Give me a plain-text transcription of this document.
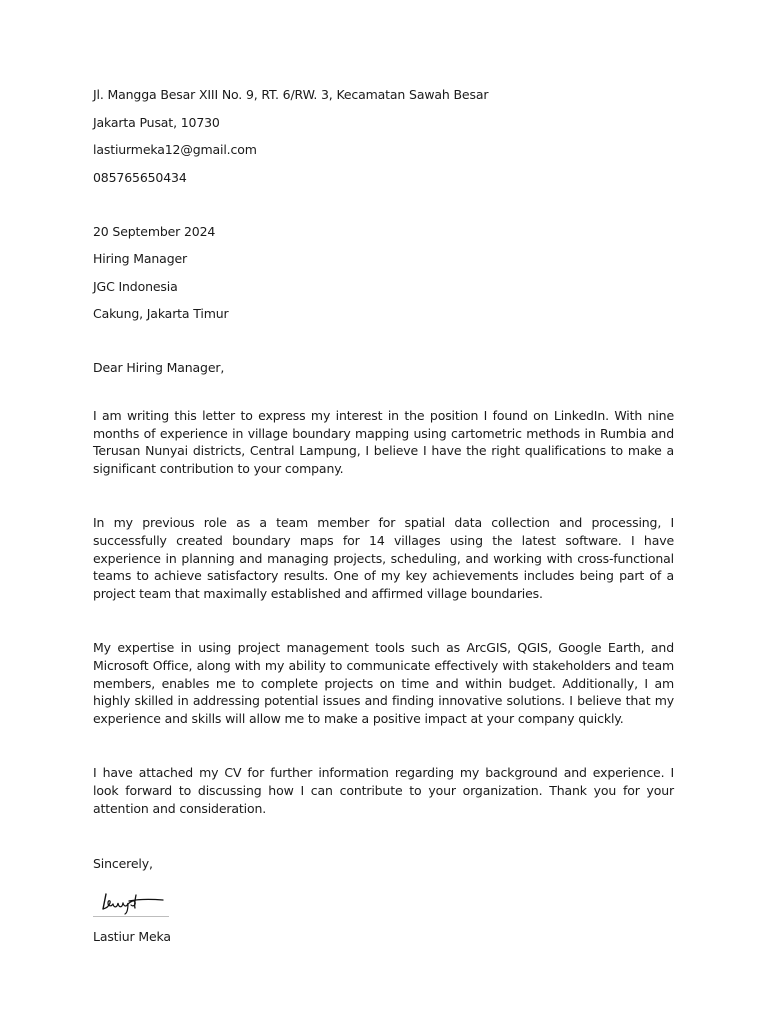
Jl. Mangga Besar XIII No. 9, RT. 6/RW. 3, Kecamatan Sawah Besar
Jakarta Pusat, 10730
lastiurmeka12@gmail.com
085765650434
20 September 2024
Hiring Manager
JGC Indonesia
Cakung, Jakarta Timur
Dear Hiring Manager,
I am writing this letter to express my interest in the position I found on LinkedIn. With nine months of experience in village boundary mapping using cartometric methods in Rumbia and Terusan Nunyai districts, Central Lampung, I believe I have the right qualifications to make a significant contribution to your company.
In my previous role as a team member for spatial data collection and processing, I successfully created boundary maps for 14 villages using the latest software. I have experience in planning and managing projects, scheduling, and working with cross-functional teams to achieve satisfactory results. One of my key achievements includes being part of a project team that maximally established and affirmed village boundaries.
My expertise in using project management tools such as ArcGIS, QGIS, Google Earth, and Microsoft Office, along with my ability to communicate effectively with stakeholders and team members, enables me to complete projects on time and within budget. Additionally, I am highly skilled in addressing potential issues and finding innovative solutions. I believe that my experience and skills will allow me to make a positive impact at your company quickly.
I have attached my CV for further information regarding my background and experience. I look forward to discussing how I can contribute to your organization. Thank you for your attention and consideration.
Sincerely,
Lastiur Meka
